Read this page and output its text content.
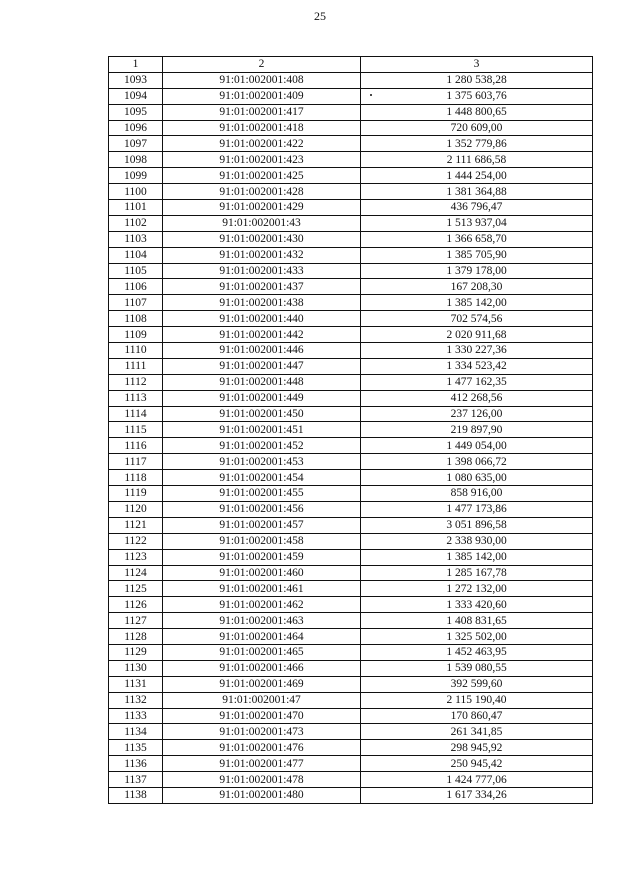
25
1	2	3
1093	91:01:002001:408	1 280 538,28
1094	91:01:002001:409	1 375 603,76
1095	91:01:002001:417	1 448 800,65
1096	91:01:002001:418	720 609,00
1097	91:01:002001:422	1 352 779,86
1098	91:01:002001:423	2 111 686,58
1099	91:01:002001:425	1 444 254,00
1100	91:01:002001:428	1 381 364,88
1101	91:01:002001:429	436 796,47
1102	91:01:002001:43	1 513 937,04
1103	91:01:002001:430	1 366 658,70
1104	91:01:002001:432	1 385 705,90
1105	91:01:002001:433	1 379 178,00
1106	91:01:002001:437	167 208,30
1107	91:01:002001:438	1 385 142,00
1108	91:01:002001:440	702 574,56
1109	91:01:002001:442	2 020 911,68
1110	91:01:002001:446	1 330 227,36
1111	91:01:002001:447	1 334 523,42
1112	91:01:002001:448	1 477 162,35
1113	91:01:002001:449	412 268,56
1114	91:01:002001:450	237 126,00
1115	91:01:002001:451	219 897,90
1116	91:01:002001:452	1 449 054,00
1117	91:01:002001:453	1 398 066,72
1118	91:01:002001:454	1 080 635,00
1119	91:01:002001:455	858 916,00
1120	91:01:002001:456	1 477 173,86
1121	91:01:002001:457	3 051 896,58
1122	91:01:002001:458	2 338 930,00
1123	91:01:002001:459	1 385 142,00
1124	91:01:002001:460	1 285 167,78
1125	91:01:002001:461	1 272 132,00
1126	91:01:002001:462	1 333 420,60
1127	91:01:002001:463	1 408 831,65
1128	91:01:002001:464	1 325 502,00
1129	91:01:002001:465	1 452 463,95
1130	91:01:002001:466	1 539 080,55
1131	91:01:002001:469	392 599,60
1132	91:01:002001:47	2 115 190,40
1133	91:01:002001:470	170 860,47
1134	91:01:002001:473	261 341,85
1135	91:01:002001:476	298 945,92
1136	91:01:002001:477	250 945,42
1137	91:01:002001:478	1 424 777,06
1138	91:01:002001:480	1 617 334,26
